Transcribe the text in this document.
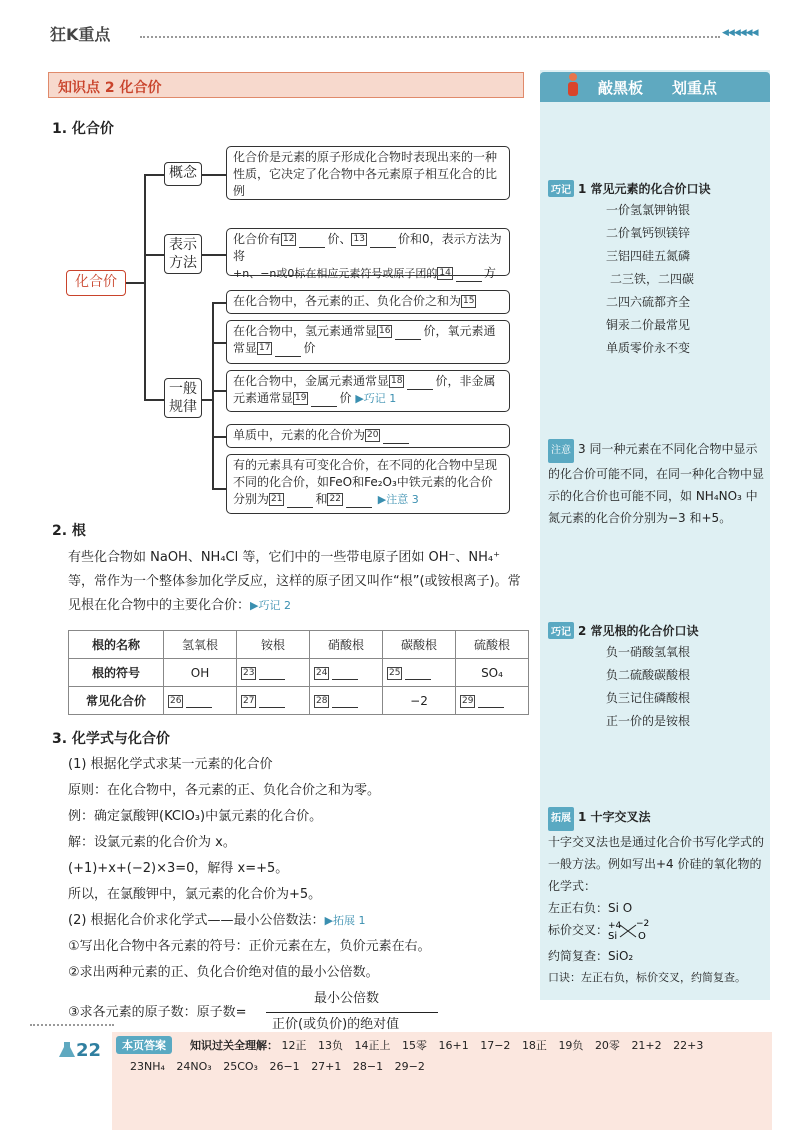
狂K重点	◀◀◀◀◀◀
知识点 2 化合价	敲黑板 划重点
1. 化合价
化合价
概念
表示方法
一般规律
化合价是元素的原子形成化合物时表现出来的一种性质，它决定了化合物中各元素原子相互化合的比例
化合价有 12	价、 13	价和0，表示方法为将
+n、−n或0标在相应元素符号或原子团的 14	方
在化合物中，各元素的正、负化合价之和为 15
在化合物中，氢元素通常显 16	价，氧元素通常显 17	价
在化合物中，金属元素通常显 18	价，非金属元素通常显 19	价 ▶巧记 1
单质中，元素的化合价为 20
有的元素具有可变化合价，在不同的化合物中呈现不同的化合价，如FeO和Fe₂O₃中铁元素的化合价分别为 21	和 22	▶注意 3
2. 根
有些化合物如 NaOH、NH₄Cl 等，它们中的一些带电原子团如 OH⁻、NH₄⁺ 等，常作为一个整体参加化学反应，这样的原子团又叫作“根”(或铵根离子)。常见根在化合物中的主要化合价：▶巧记 2
根的名称	氢氧根	铵根	硝酸根	碳酸根	硫酸根
根的符号	OH	23	24	25	SO₄
常见化合价	26	27	28	−2	29
3. 化学式与化合价
(1) 根据化学式求某一元素的化合价
原则：在化合物中，各元素的正、负化合价之和为零。
例：确定氯酸钾(KClO₃)中氯元素的化合价。
解：设氯元素的化合价为 x。
(+1)+x+(−2)×3=0，解得 x=+5。
所以，在氯酸钾中，氯元素的化合价为+5。
(2) 根据化合价求化学式——最小公倍数法：▶拓展 1
①写出化合物中各元素的符号：正价元素在左，负价元素在右。
②求出两种元素的正、负化合价绝对值的最小公倍数。
③求各元素的原子数：原子数=
最小公倍数
正价(或负价)的绝对值
巧记 1 常见元素的化合价口诀
一价氢氯钾钠银
二价氧钙钡镁锌
三铝四硅五氮磷
二三铁，二四碳
二四六硫都齐全
铜汞二价最常见
单质零价永不变
注意 3 同一种元素在不同化合物中显示的化合价可能不同，在同一种化合物中显示的化合价也可能不同，如 NH₄NO₃ 中氮元素的化合价分别为−3 和+5。
巧记 2 常见根的化合价口诀
负一硝酸氢氧根
负二硫酸碳酸根
负三记住磷酸根
正一价的是铵根
拓展 1 十字交叉法
十字交叉法也是通过化合价书写化学式的一般方法。例如写出+4 价硅的氧化物的化学式：
左正右负：Si O
标价交叉： +4
Si
−2
O
约简复查：SiO₂
口诀：左正右负，标价交叉，约简复查。
22	本页答案	知识过关全理解： 12正 13负 14正上 15零 16+1 17−2 18正 19负 20零 21+2 22+3
23NH₄ 24NO₃ 25CO₃ 26−1 27+1 28−1 29−2
